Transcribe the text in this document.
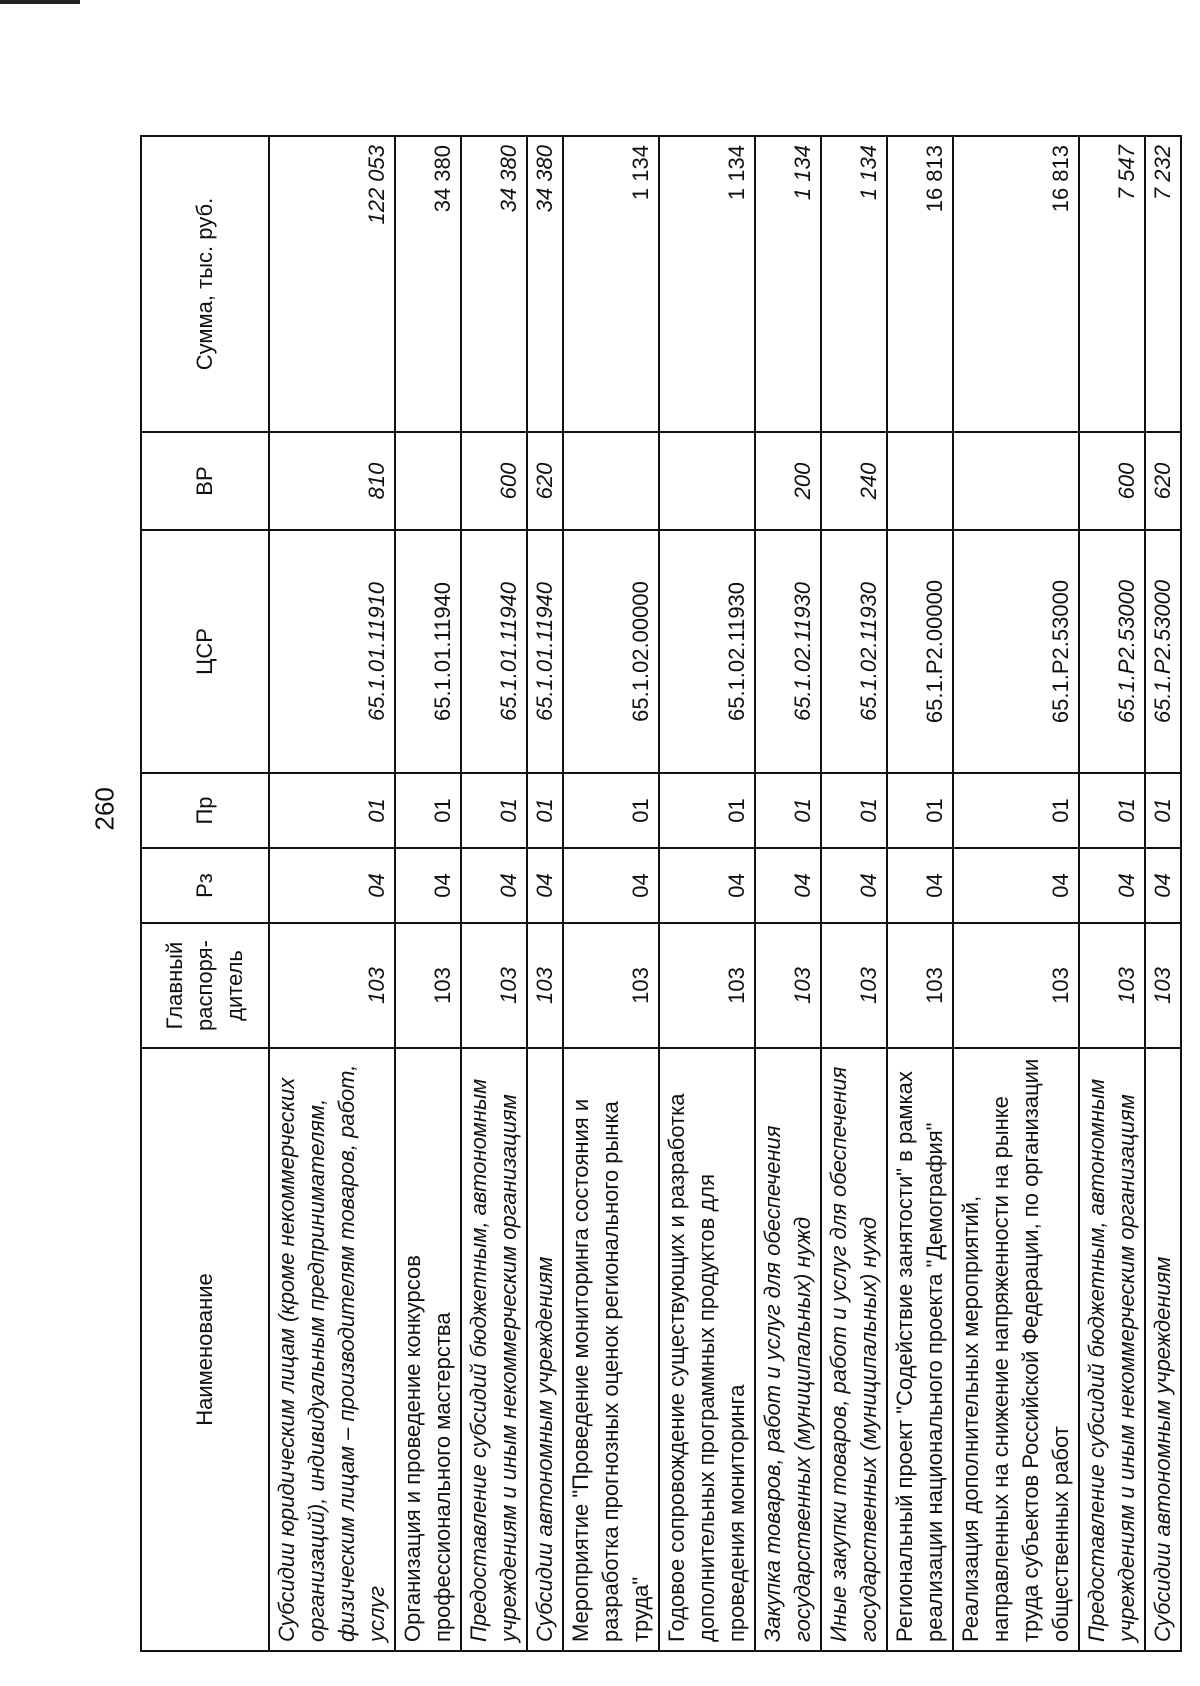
260
Наименование	Главный распоря-дитель	Рз	Пр	ЦСР	ВР	Сумма, тыс. руб.
Субсидии юридическим лицам (кроме некоммерческих организаций), индивидуальным предпринимателям, физическим лицам – производителям товаров, работ, услуг	103	04	01	65.1.01.11910	810	122 053
Организация и проведение конкурсов профессионального мастерства	103	04	01	65.1.01.11940		34 380
Предоставление субсидий бюджетным, автономным учреждениям и иным некоммерческим организациям	103	04	01	65.1.01.11940	600	34 380
Субсидии автономным учреждениям	103	04	01	65.1.01.11940	620	34 380
Мероприятие "Проведение мониторинга состояния и разработка прогнозных оценок регионального рынка труда"	103	04	01	65.1.02.00000		1 134
Годовое сопровождение существующих и разработка дополнительных программных продуктов для проведения мониторинга	103	04	01	65.1.02.11930		1 134
Закупка товаров, работ и услуг для обеспечения государственных (муниципальных) нужд	103	04	01	65.1.02.11930	200	1 134
Иные закупки товаров, работ и услуг для обеспечения государственных (муниципальных) нужд	103	04	01	65.1.02.11930	240	1 134
Региональный проект "Содействие занятости" в рамках реализации национального проекта "Демография"	103	04	01	65.1.P2.00000		16 813
Реализация дополнительных мероприятий, направленных на снижение напряженности на рынке труда субъектов Российской Федерации, по организации общественных работ	103	04	01	65.1.P2.53000		16 813
Предоставление субсидий бюджетным, автономным учреждениям и иным некоммерческим организациям	103	04	01	65.1.P2.53000	600	7 547
Субсидии автономным учреждениям	103	04	01	65.1.P2.53000	620	7 232
